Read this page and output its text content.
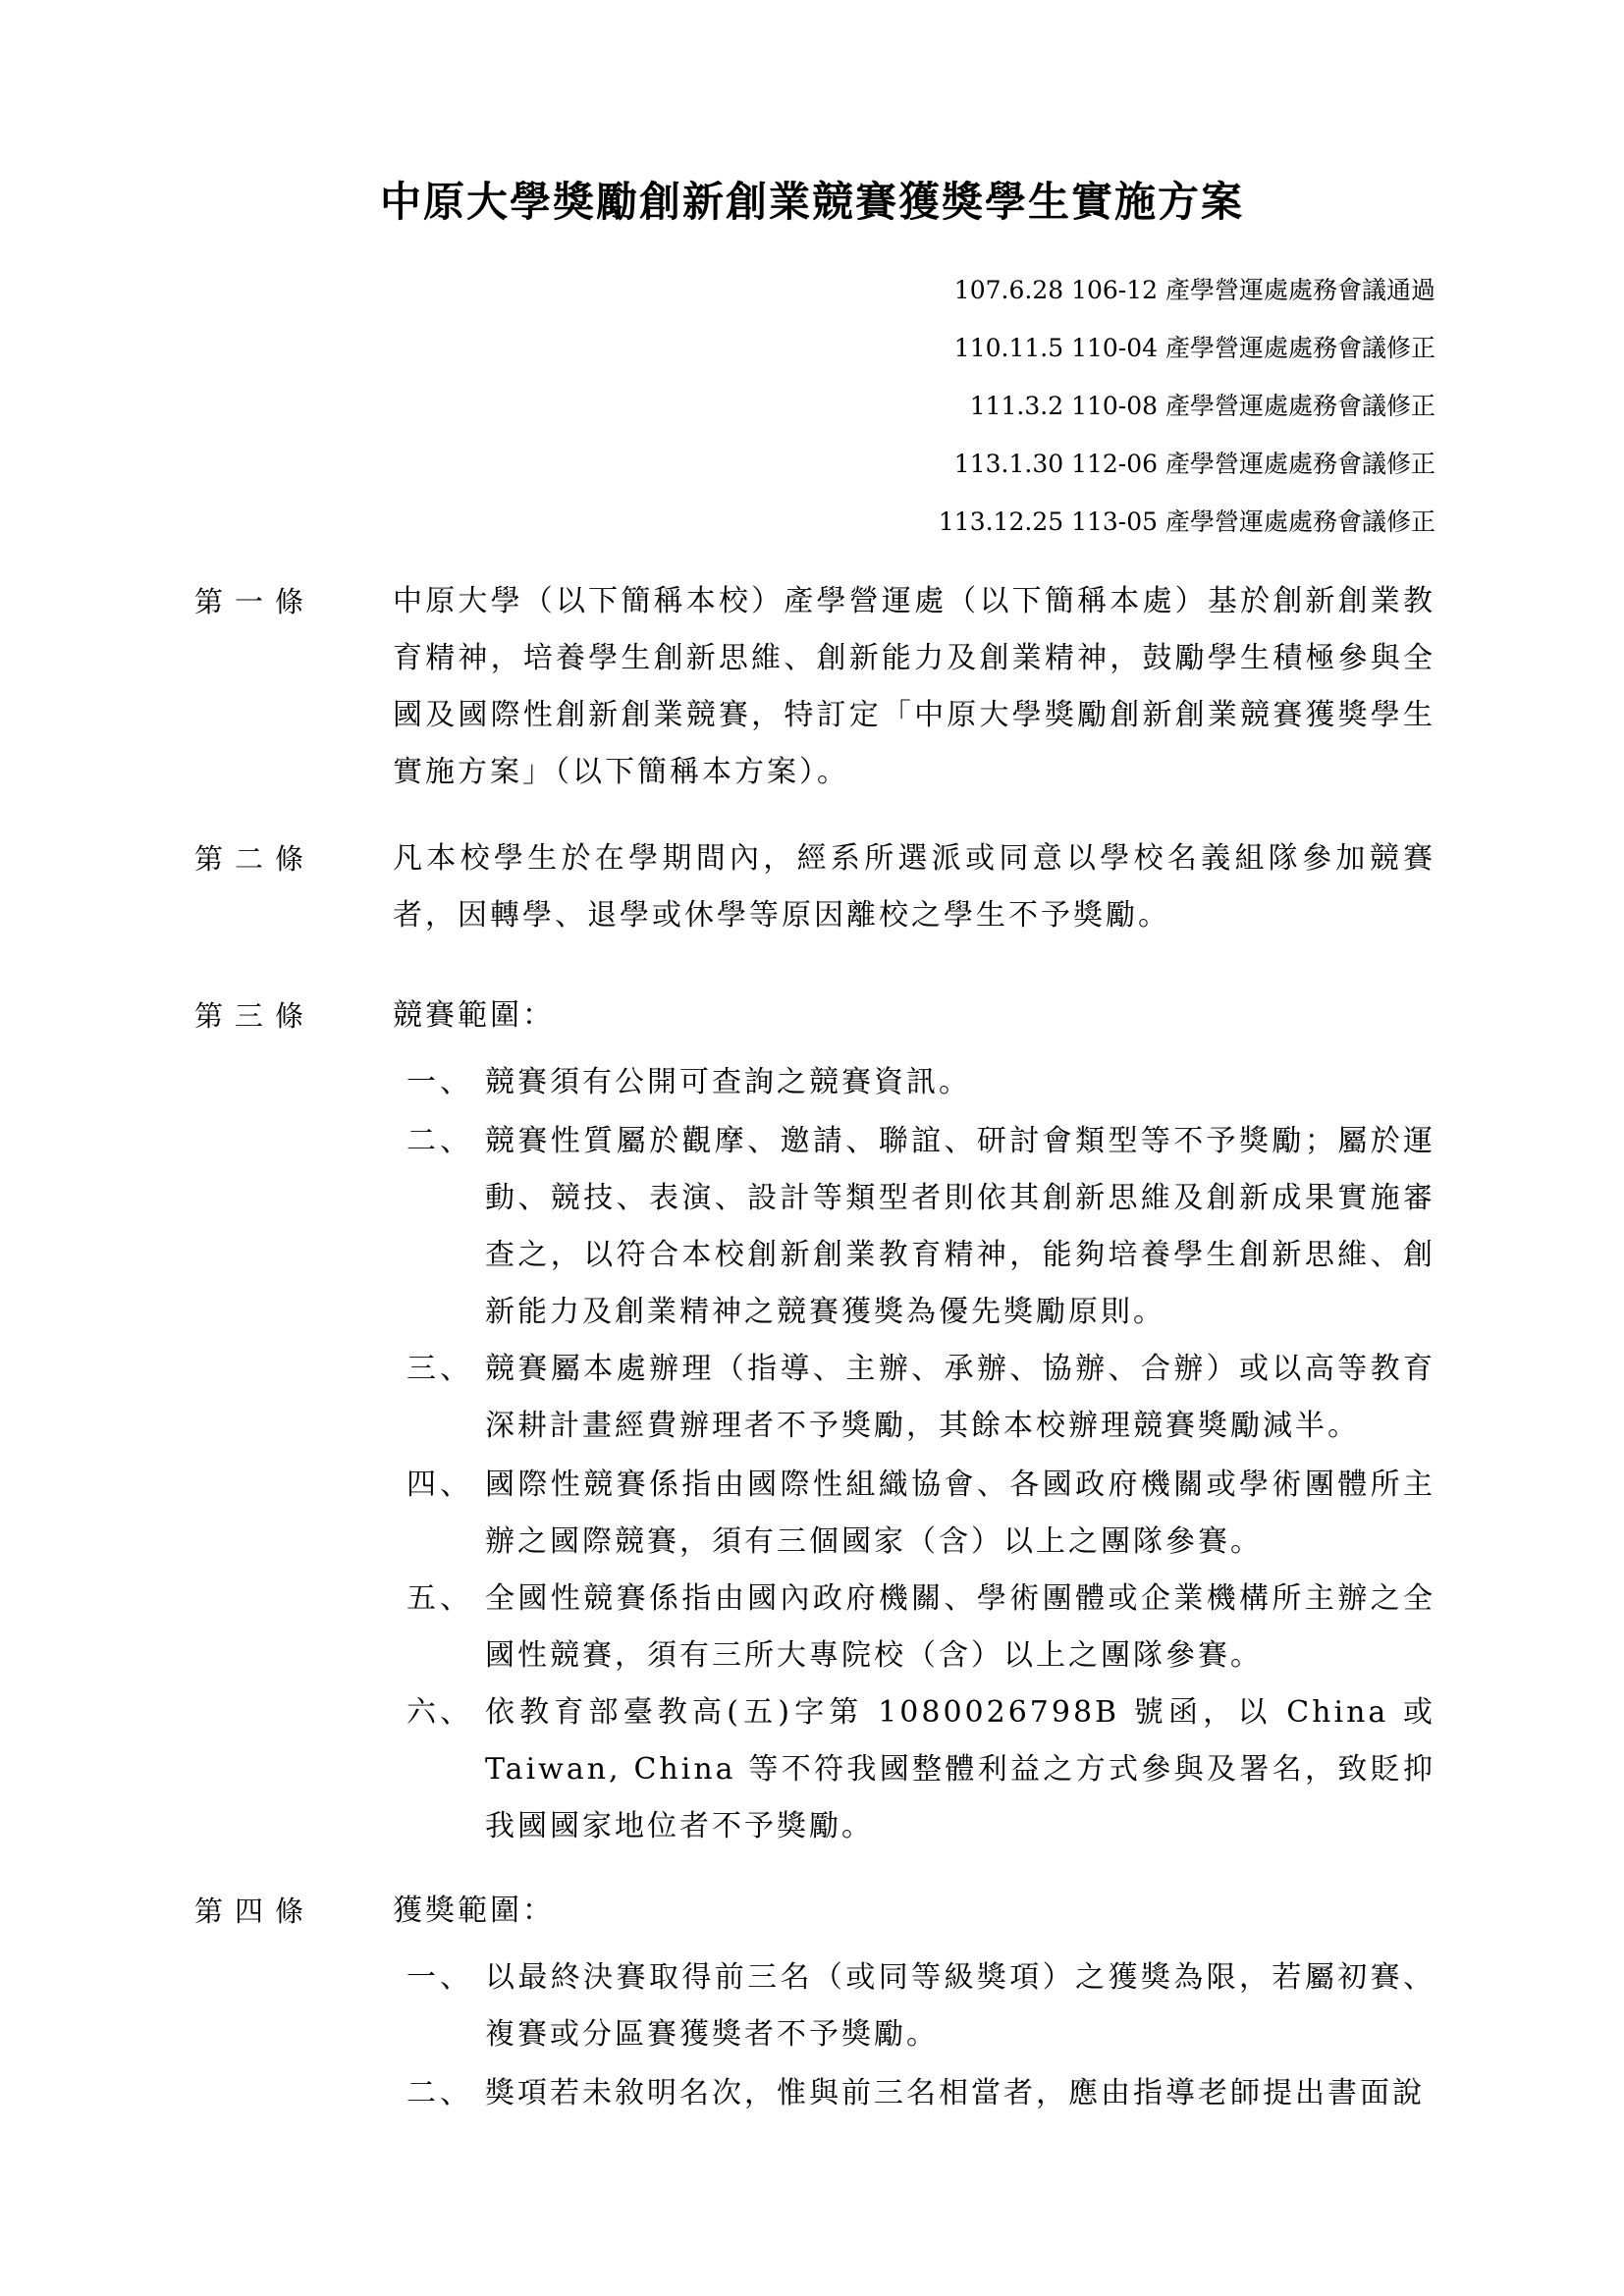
中原大學獎勵創新創業競賽獲獎學生實施方案
107.6.28 106-12 產學營運處處務會議通過
110.11.5 110-04 產學營運處處務會議修正
111.3.2 110-08 產學營運處處務會議修正
113.1.30 112-06 產學營運處處務會議修正
113.12.25 113-05 產學營運處處務會議修正
第一條	中原大學（以下簡稱本校）產學營運處（以下簡稱本處）基於創新創業教育精神，培養學生創新思維、創新能力及創業精神，鼓勵學生積極參與全國及國際性創新創業競賽，特訂定「中原大學獎勵創新創業競賽獲獎學生實施方案」（以下簡稱本方案）。
第二條	凡本校學生於在學期間內，經系所選派或同意以學校名義組隊參加競賽者，因轉學、退學或休學等原因離校之學生不予獎勵。
第三條	競賽範圍：
一、 競賽須有公開可查詢之競賽資訊。
二、 競賽性質屬於觀摩、邀請、聯誼、研討會類型等不予獎勵；屬於運動、競技、表演、設計等類型者則依其創新思維及創新成果實施審查之，以符合本校創新創業教育精神，能夠培養學生創新思維、創新能力及創業精神之競賽獲獎為優先獎勵原則。
三、 競賽屬本處辦理（指導、主辦、承辦、協辦、合辦）或以高等教育深耕計畫經費辦理者不予獎勵，其餘本校辦理競賽獎勵減半。
四、 國際性競賽係指由國際性組織協會、各國政府機關或學術團體所主辦之國際競賽，須有三個國家（含）以上之團隊參賽。
五、 全國性競賽係指由國內政府機關、學術團體或企業機構所主辦之全國性競賽，須有三所大專院校（含）以上之團隊參賽。
六、 依教育部臺教高(五)字第 1080026798B 號函，以 China 或 Taiwan, China 等不符我國整體利益之方式參與及署名，致貶抑我國國家地位者不予獎勵。
第四條	獲獎範圍：
一、 以最終決賽取得前三名（或同等級獎項）之獲獎為限，若屬初賽、複賽或分區賽獲獎者不予獎勵。
二、 獎項若未敘明名次，惟與前三名相當者，應由指導老師提出書面說
